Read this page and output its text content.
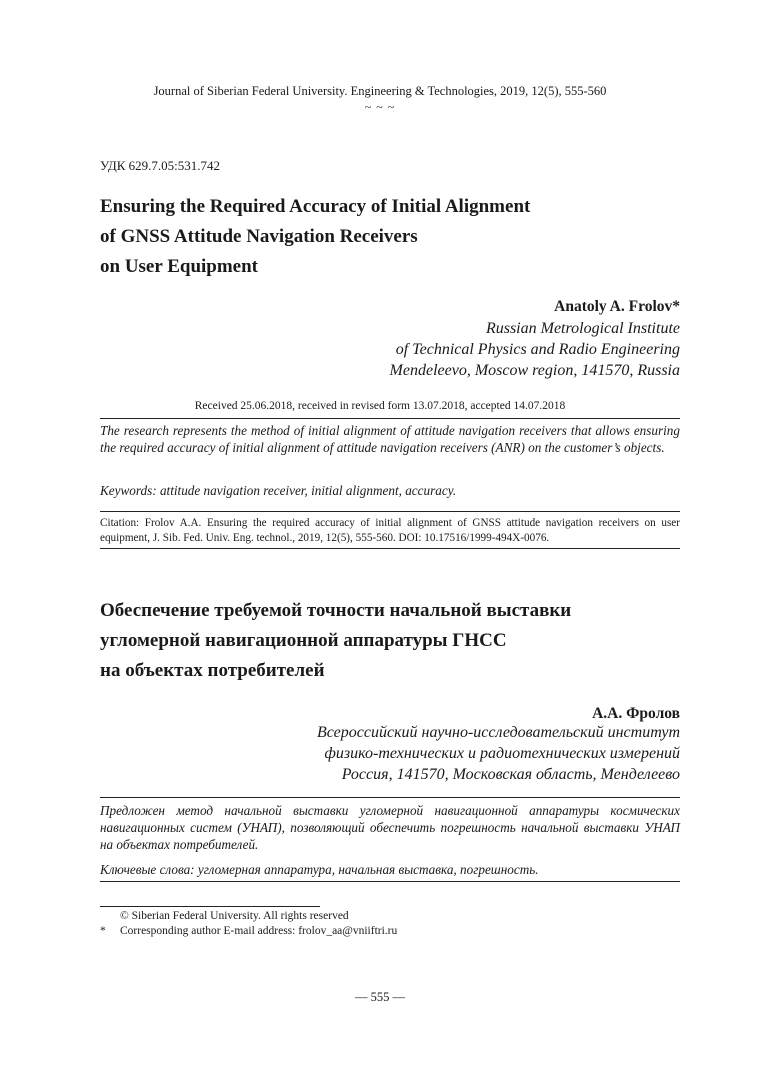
Journal of Siberian Federal University. Engineering & Technologies, 2019, 12(5), 555-560
~ ~ ~
УДК 629.7.05:531.742
Ensuring the Required Accuracy of Initial Alignment
of GNSS Attitude Navigation Receivers
on User Equipment
Anatoly A. Frolov*
Russian Metrological Institute
of Technical Physics and Radio Engineering
Mendeleevo, Moscow region, 141570, Russia
Received 25.06.2018, received in revised form 13.07.2018, accepted 14.07.2018
The research represents the method of initial alignment of attitude navigation receivers that allows ensuring the required accuracy of initial alignment of attitude navigation receivers (ANR) on the customer’s objects.
Keywords: attitude navigation receiver, initial alignment, accuracy.
Citation: Frolov A.A. Ensuring the required accuracy of initial alignment of GNSS attitude navigation receivers on user equipment, J. Sib. Fed. Univ. Eng. technol., 2019, 12(5), 555-560. DOI: 10.17516/1999-494X-0076.
Обеспечение требуемой точности начальной выставки
угломерной навигационной аппаратуры ГНСС
на объектах потребителей
А.А. Фролов
Всероссийский научно-исследовательский институт
физико-технических и радиотехнических измерений
Россия, 141570, Московская область, Менделеево
Предложен метод начальной выставки угломерной навигационной аппаратуры космических навигационных систем (УНАП), позволяющий обеспечить погрешность начальной выставки УНАП на объектах потребителей.
Ключевые слова: угломерная аппаратура, начальная выставка, погрешность.
© Siberian Federal University. All rights reserved
* Corresponding author E-mail address: frolov_aa@vniiftri.ru
— 555 —
